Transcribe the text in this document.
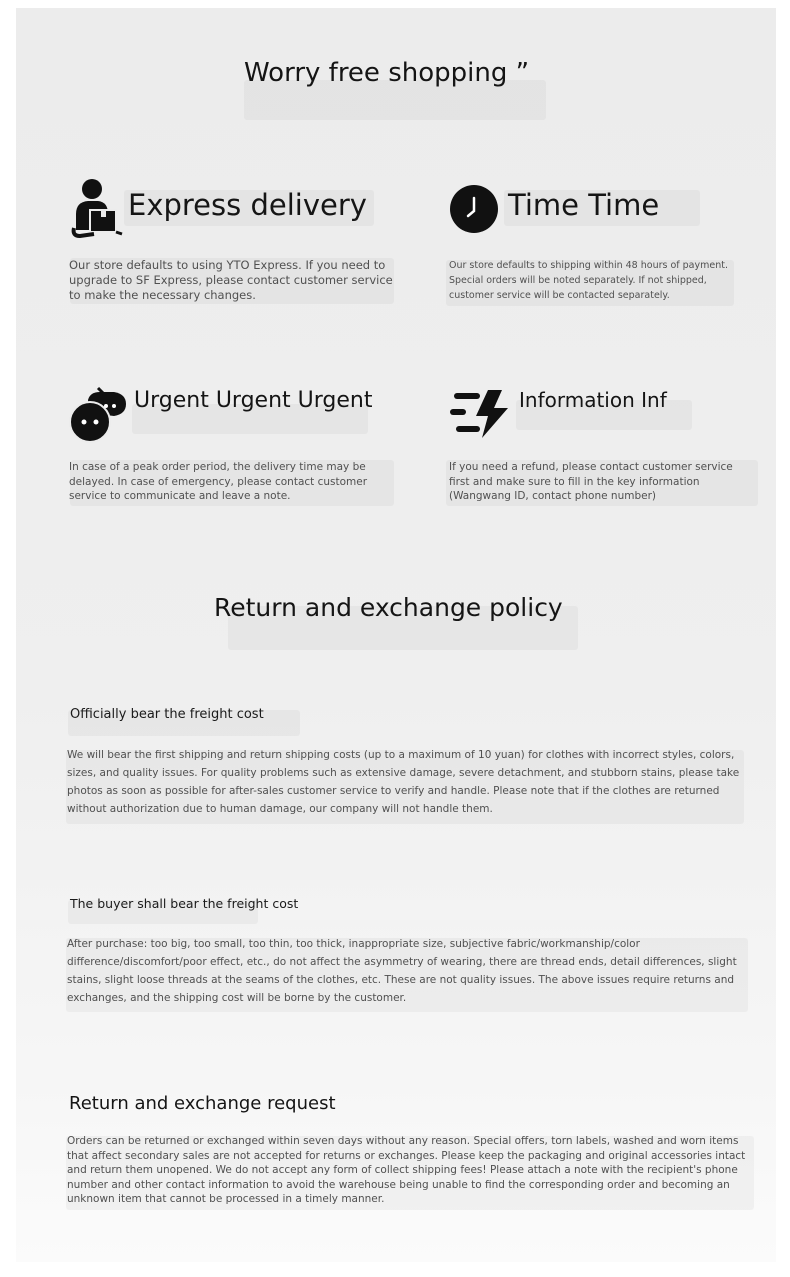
Worry free shopping ”
Express delivery
Our store defaults to using YTO Express. If you need to upgrade to SF Express, please contact customer service to make the necessary changes.
Time Time
Our store defaults to shipping within 48 hours of payment. Special orders will be noted separately. If not shipped, customer service will be contacted separately.
Urgent Urgent Urgent
In case of a peak order period, the delivery time may be delayed. In case of emergency, please contact customer service to communicate and leave a note.
Information Inf
If you need a refund, please contact customer service first and make sure to fill in the key information (Wangwang ID, contact phone number)
Return and exchange policy
Officially bear the freight cost
We will bear the first shipping and return shipping costs (up to a maximum of 10 yuan) for clothes with incorrect styles, colors, sizes, and quality issues. For quality problems such as extensive damage, severe detachment, and stubborn stains, please take photos as soon as possible for after-sales customer service to verify and handle. Please note that if the clothes are returned without authorization due to human damage, our company will not handle them.
The buyer shall bear the freight cost
After purchase: too big, too small, too thin, too thick, inappropriate size, subjective fabric/workmanship/color difference/discomfort/poor effect, etc., do not affect the asymmetry of wearing, there are thread ends, detail differences, slight stains, slight loose threads at the seams of the clothes, etc. These are not quality issues. The above issues require returns and exchanges, and the shipping cost will be borne by the customer.
Return and exchange request
Orders can be returned or exchanged within seven days without any reason. Special offers, torn labels, washed and worn items that affect secondary sales are not accepted for returns or exchanges. Please keep the packaging and original accessories intact and return them unopened. We do not accept any form of collect shipping fees! Please attach a note with the recipient's phone number and other contact information to avoid the warehouse being unable to find the corresponding order and becoming an unknown item that cannot be processed in a timely manner.
